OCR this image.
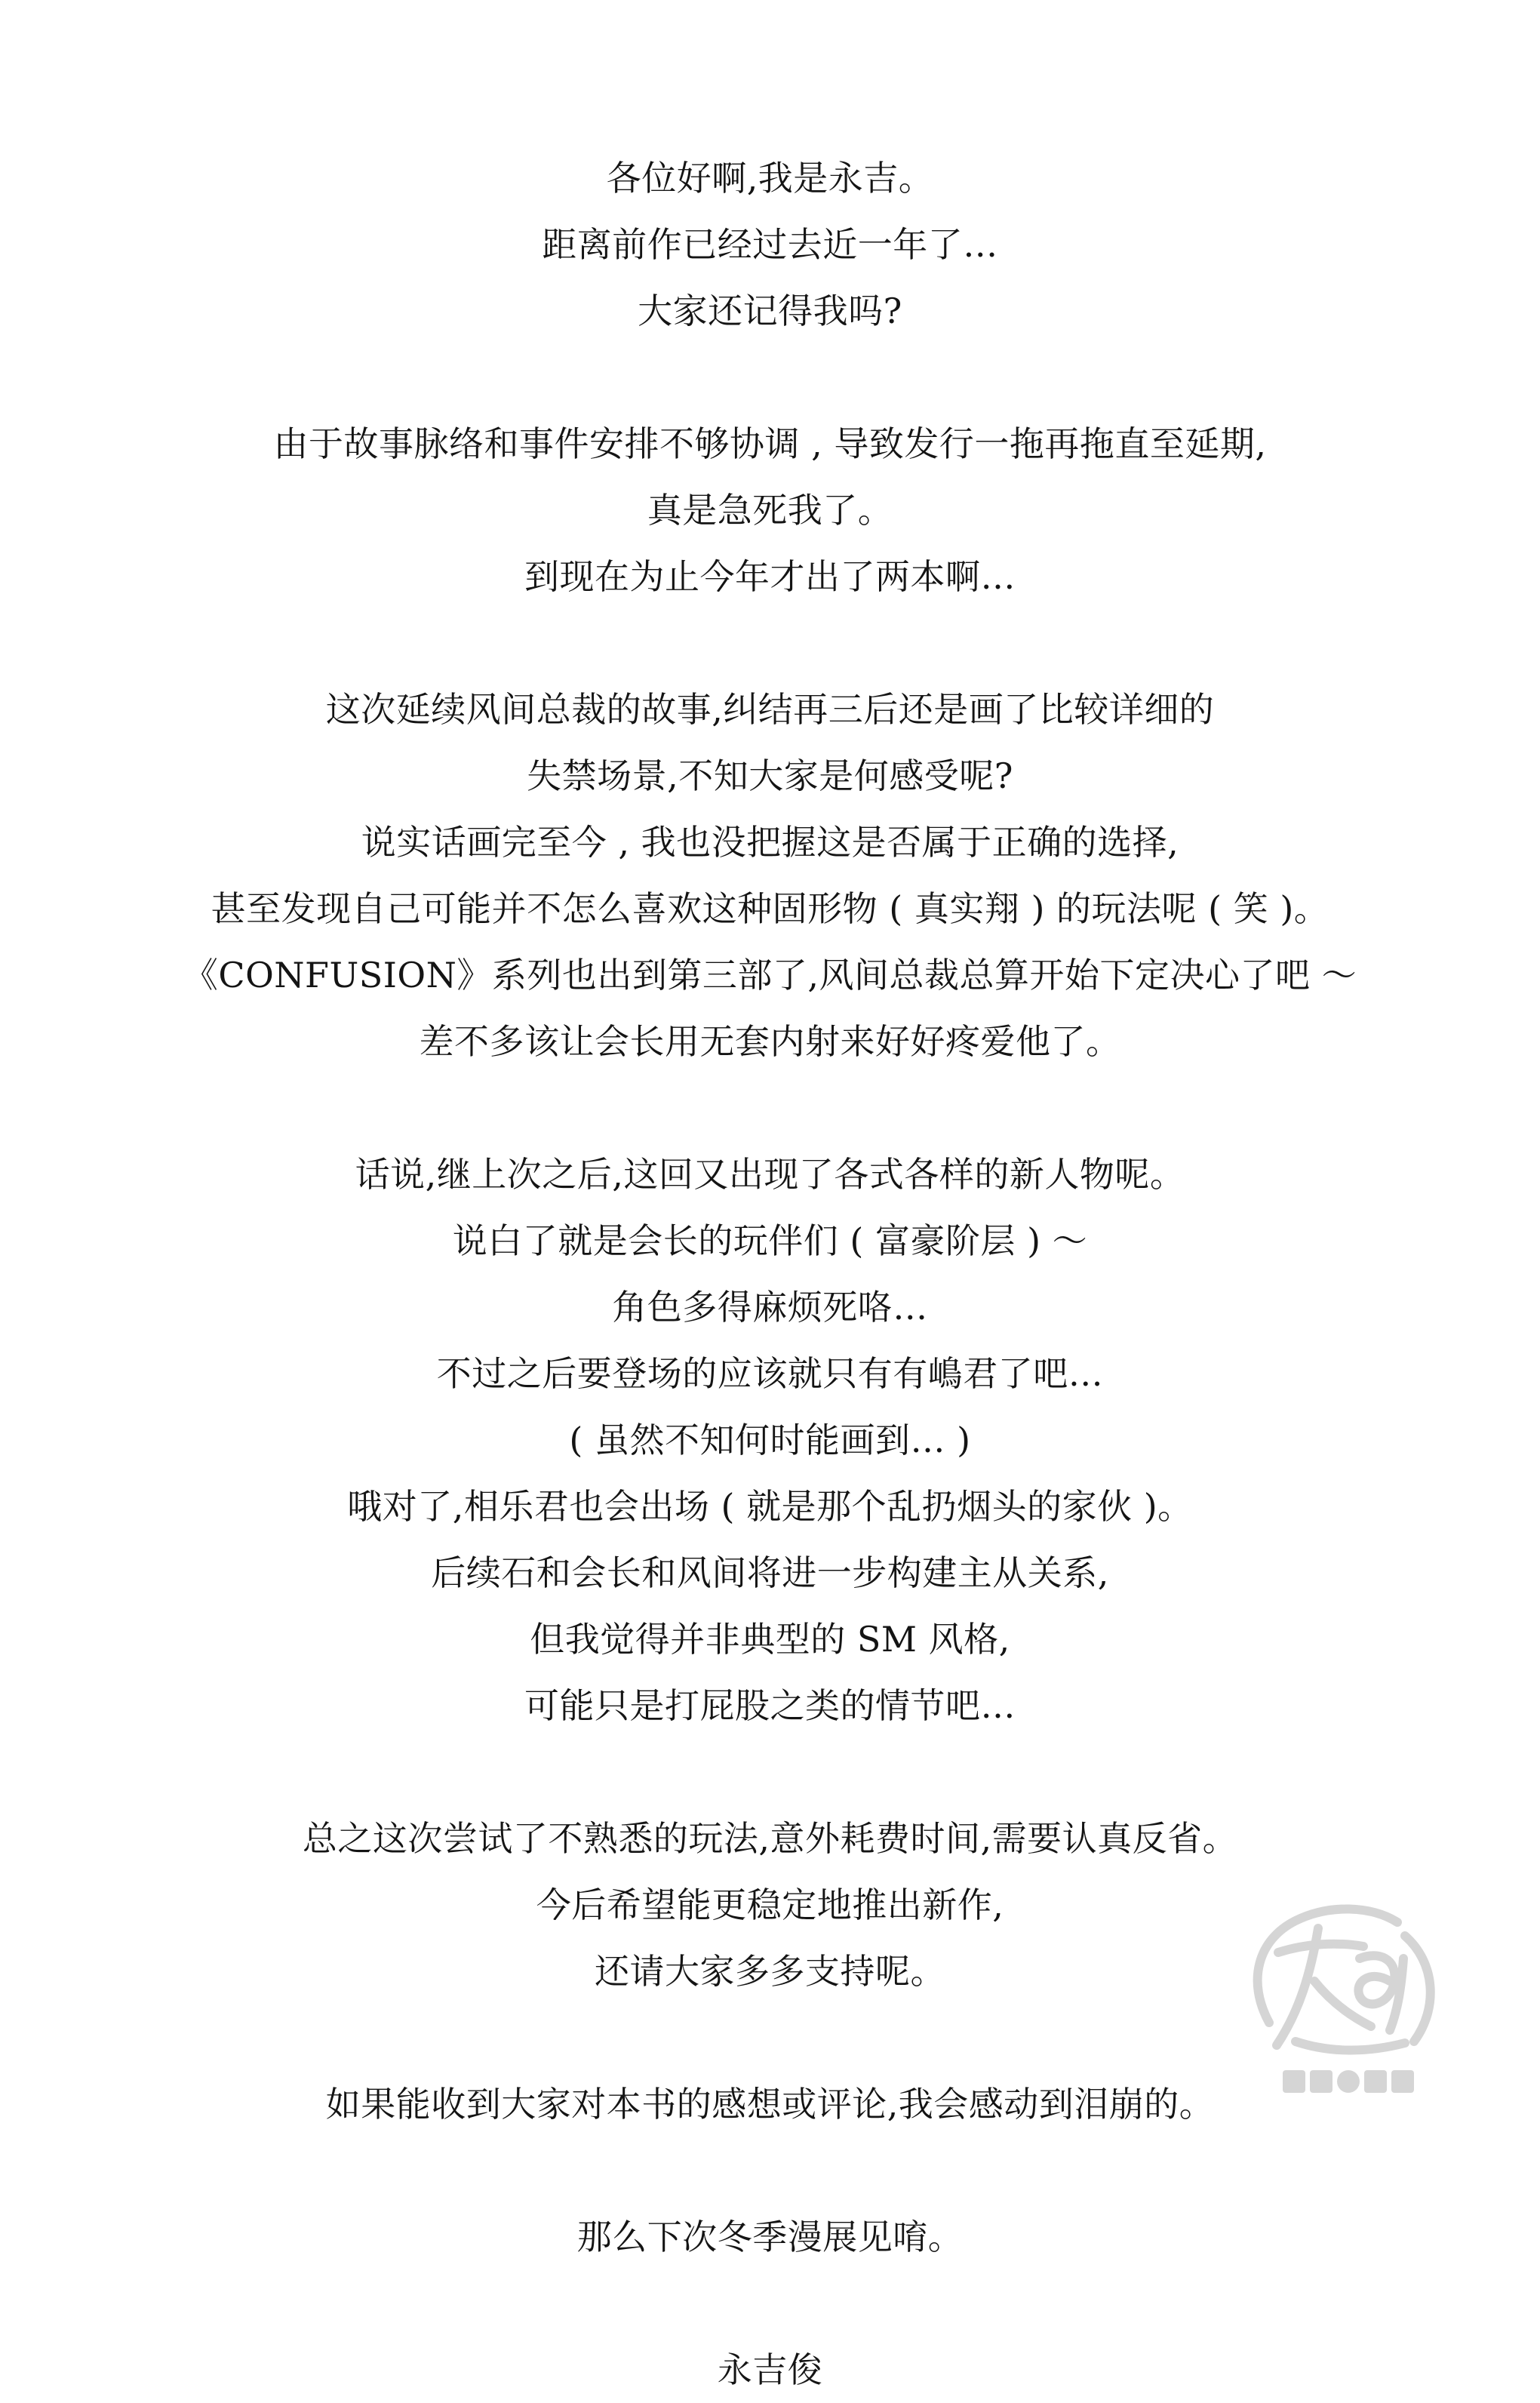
各位好啊,我是永吉。
距离前作已经过去近一年了…
大家还记得我吗?
由于故事脉络和事件安排不够协调 , 导致发行一拖再拖直至延期,
真是急死我了。
到现在为止今年才出了两本啊…
这次延续风间总裁的故事,纠结再三后还是画了比较详细的
失禁场景,不知大家是何感受呢?
说实话画完至今 , 我也没把握这是否属于正确的选择,
甚至发现自己可能并不怎么喜欢这种固形物 ( 真实翔 ) 的玩法呢 ( 笑 )。
《CONFUSION》系列也出到第三部了,风间总裁总算开始下定决心了吧 ～
差不多该让会长用无套内射来好好疼爱他了。
话说,继上次之后,这回又出现了各式各样的新人物呢。
说白了就是会长的玩伴们 ( 富豪阶层 ) ～
角色多得麻烦死咯…
不过之后要登场的应该就只有有嶋君了吧…
( 虽然不知何时能画到… )
哦对了,相乐君也会出场 ( 就是那个乱扔烟头的家伙 )。
后续石和会长和风间将进一步构建主从关系,
但我觉得并非典型的 SM 风格,
可能只是打屁股之类的情节吧…
总之这次尝试了不熟悉的玩法,意外耗费时间,需要认真反省。
今后希望能更稳定地推出新作,
还请大家多多支持呢。
如果能收到大家对本书的感想或评论,我会感动到泪崩的。
那么下次冬季漫展见唷。
永吉俊
